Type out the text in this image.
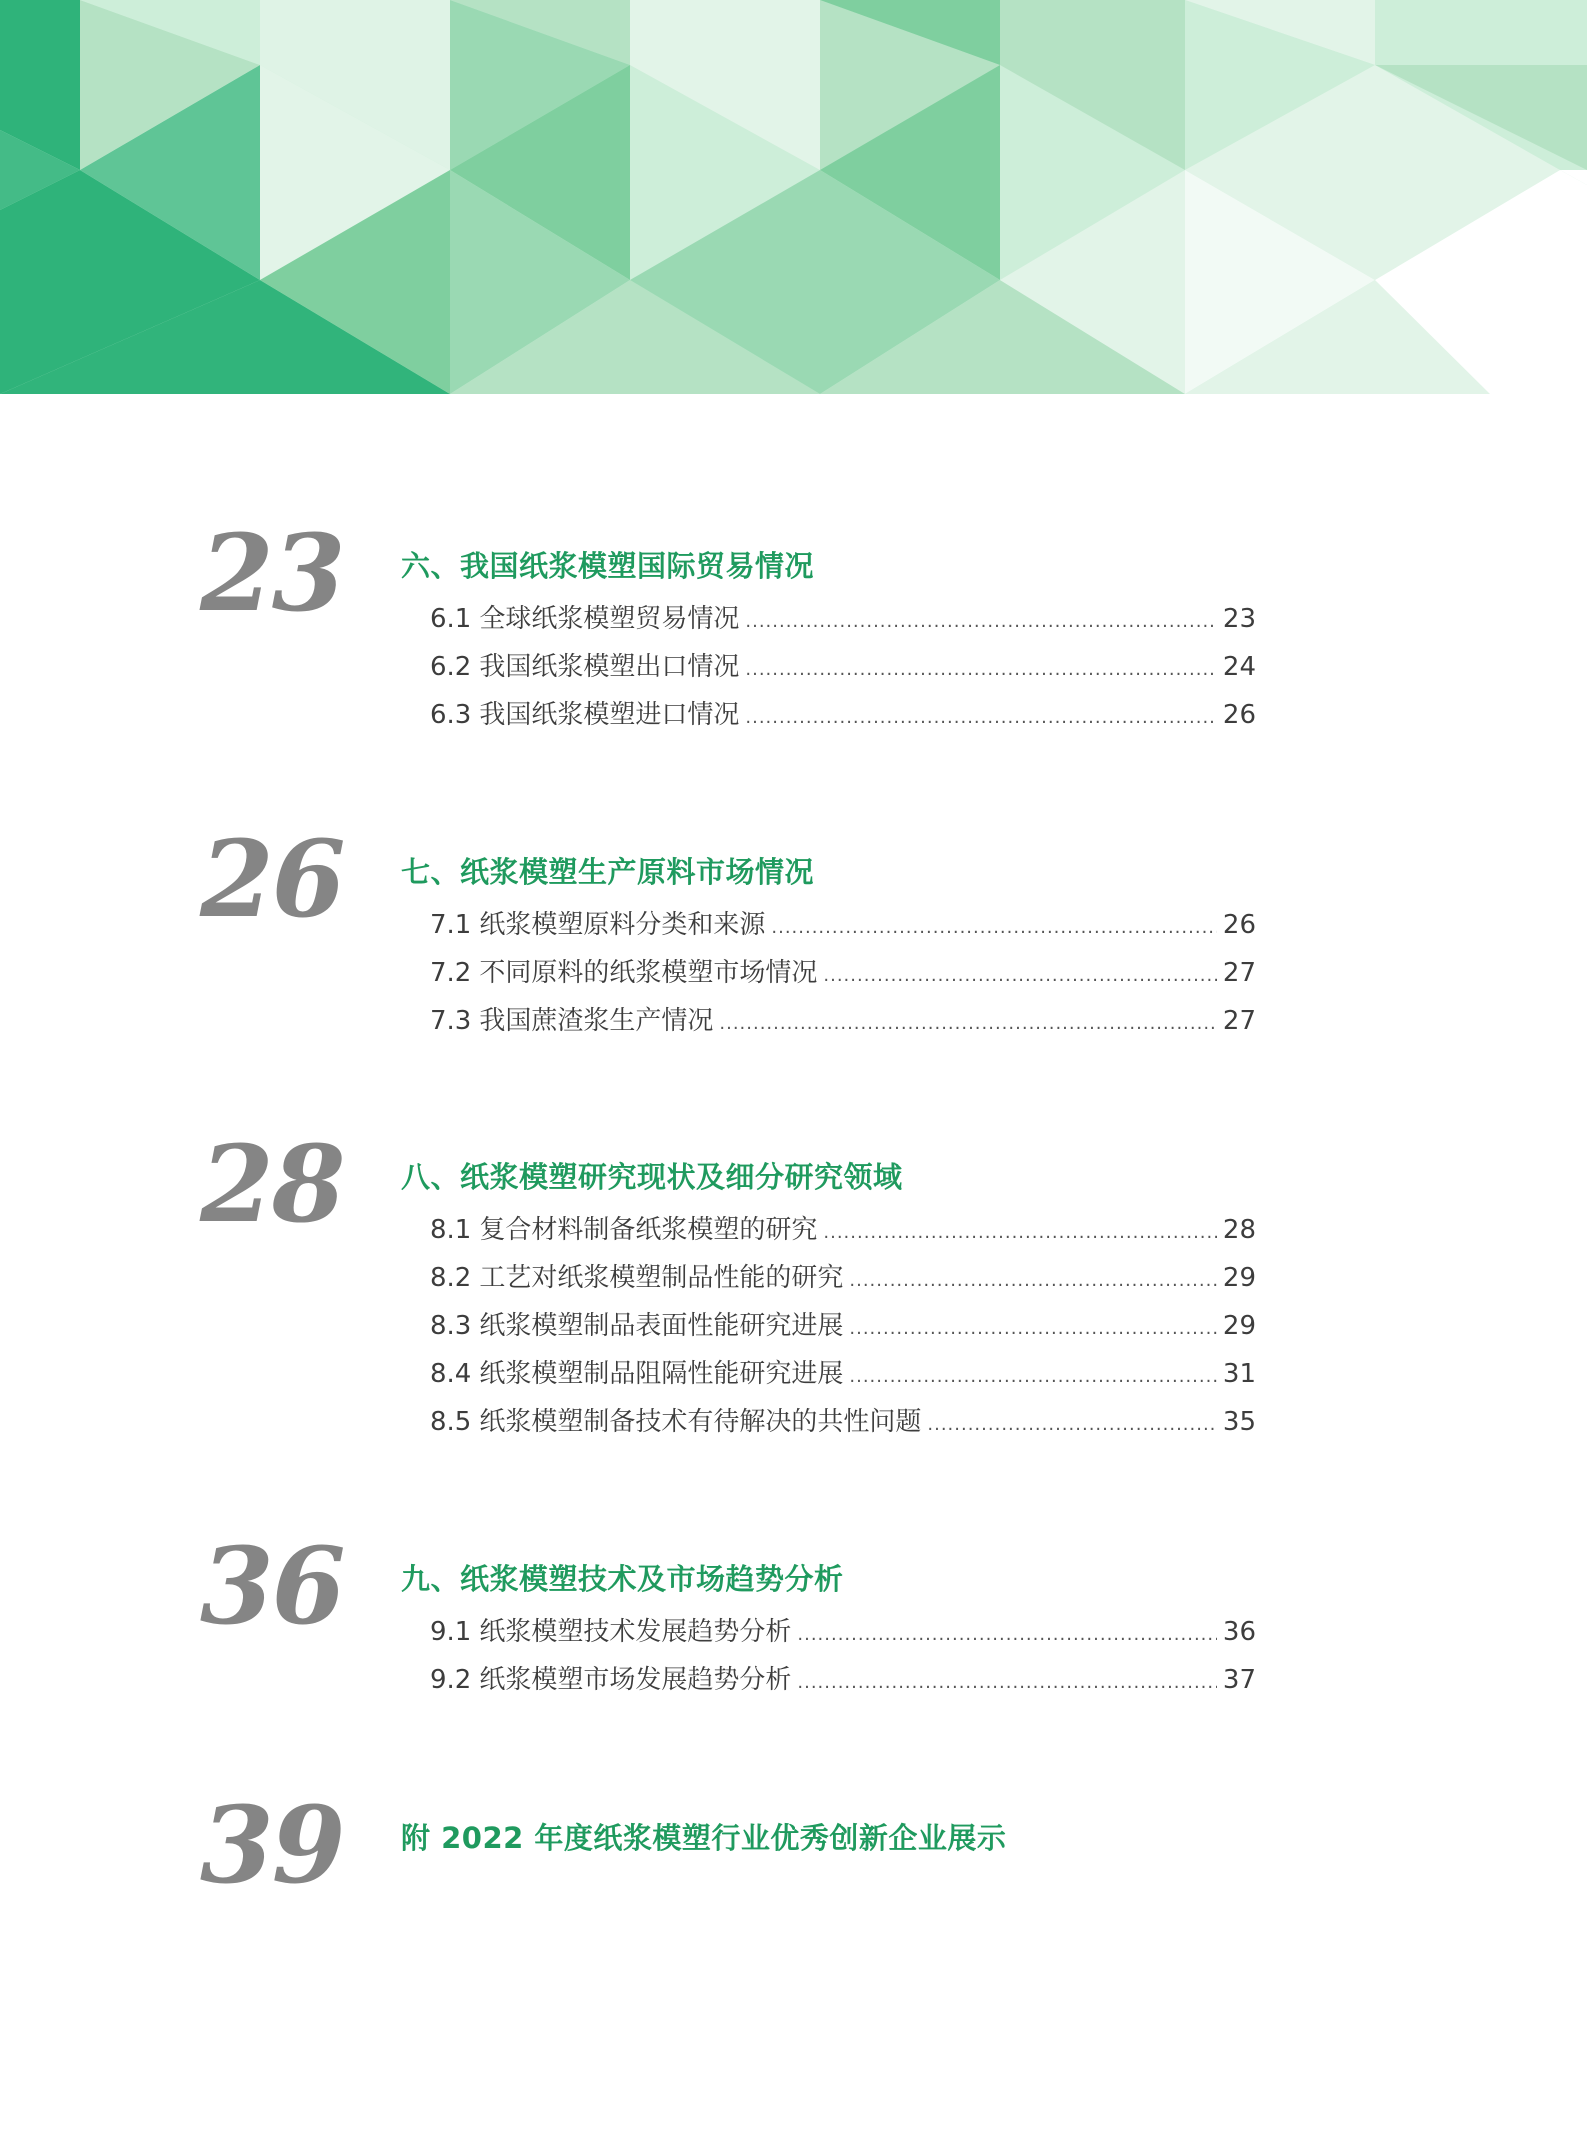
23 六、我国纸浆模塑国际贸易情况
6.1 全球纸浆模塑贸易情况 .....	23
6.2 我国纸浆模塑出口情况 .....	24
6.3 我国纸浆模塑进口情况 .....	26
26 七、纸浆模塑生产原料市场情况
7.1 纸浆模塑原料分类和来源 .....	26
7.2 不同原料的纸浆模塑市场情况 .....	27
7.3 我国蔗渣浆生产情况 .....	27
28 八、纸浆模塑研究现状及细分研究领域
8.1 复合材料制备纸浆模塑的研究 .....	28
8.2 工艺对纸浆模塑制品性能的研究 .....	29
8.3 纸浆模塑制品表面性能研究进展 .....	29
8.4 纸浆模塑制品阻隔性能研究进展 .....	31
8.5 纸浆模塑制备技术有待解决的共性问题 .....	35
36 九、纸浆模塑技术及市场趋势分析
9.1 纸浆模塑技术发展趋势分析 .....	36
9.2 纸浆模塑市场发展趋势分析 .....	37
39 附 2022 年度纸浆模塑行业优秀创新企业展示
